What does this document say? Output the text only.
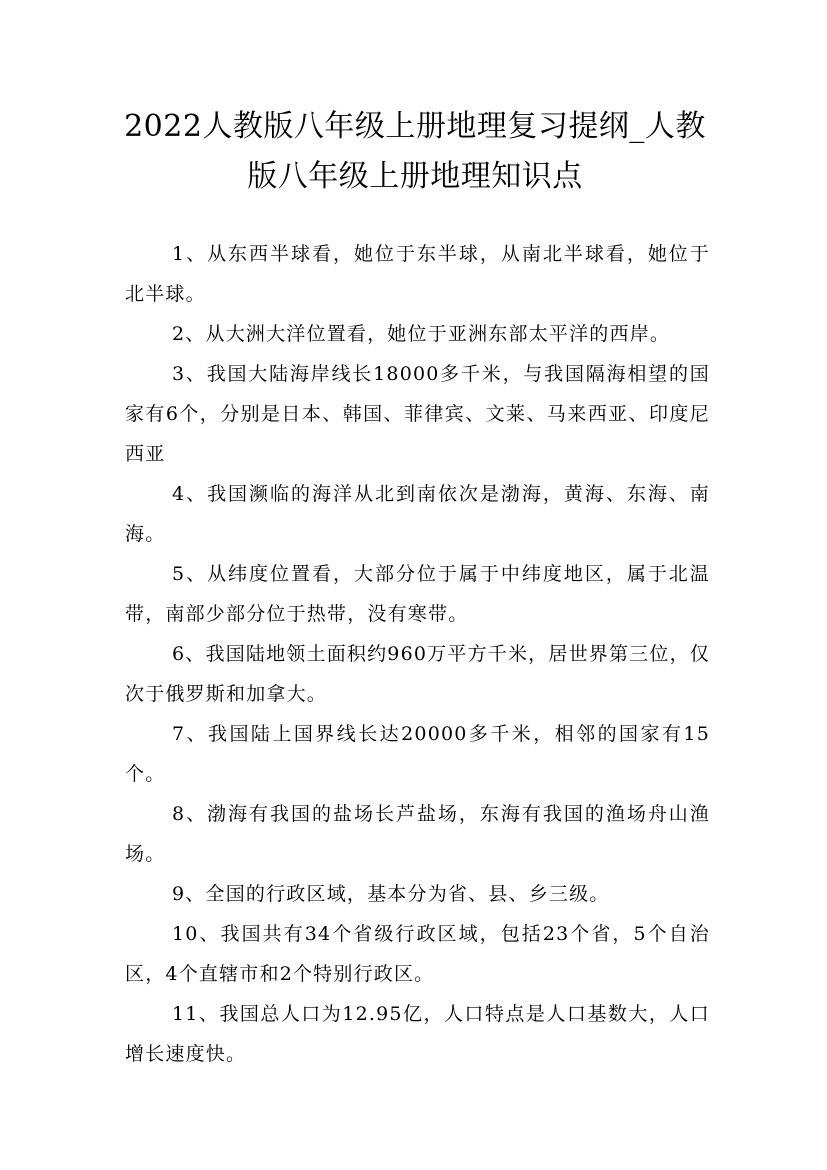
2022人教版八年级上册地理复习提纲_人教
版八年级上册地理知识点

1、从东西半球看，她位于东半球，从南北半球看，她位于北半球。

2、从大洲大洋位置看，她位于亚洲东部太平洋的西岸。

3、我国大陆海岸线长18000多千米，与我国隔海相望的国家有6个，分别是日本、韩国、菲律宾、文莱、马来西亚、印度尼西亚

4、我国濒临的海洋从北到南依次是渤海，黄海、东海、南海。

5、从纬度位置看，大部分位于属于中纬度地区，属于北温带，南部少部分位于热带，没有寒带。

6、我国陆地领土面积约960万平方千米，居世界第三位，仅次于俄罗斯和加拿大。

7、我国陆上国界线长达20000多千米，相邻的国家有15个。

8、渤海有我国的盐场长芦盐场，东海有我国的渔场舟山渔场。

9、全国的行政区域，基本分为省、县、乡三级。

10、我国共有34个省级行政区域，包括23个省，5个自治区，4个直辖市和2个特别行政区。

11、我国总人口为12.95亿，人口特点是人口基数大，人口增长速度快。
